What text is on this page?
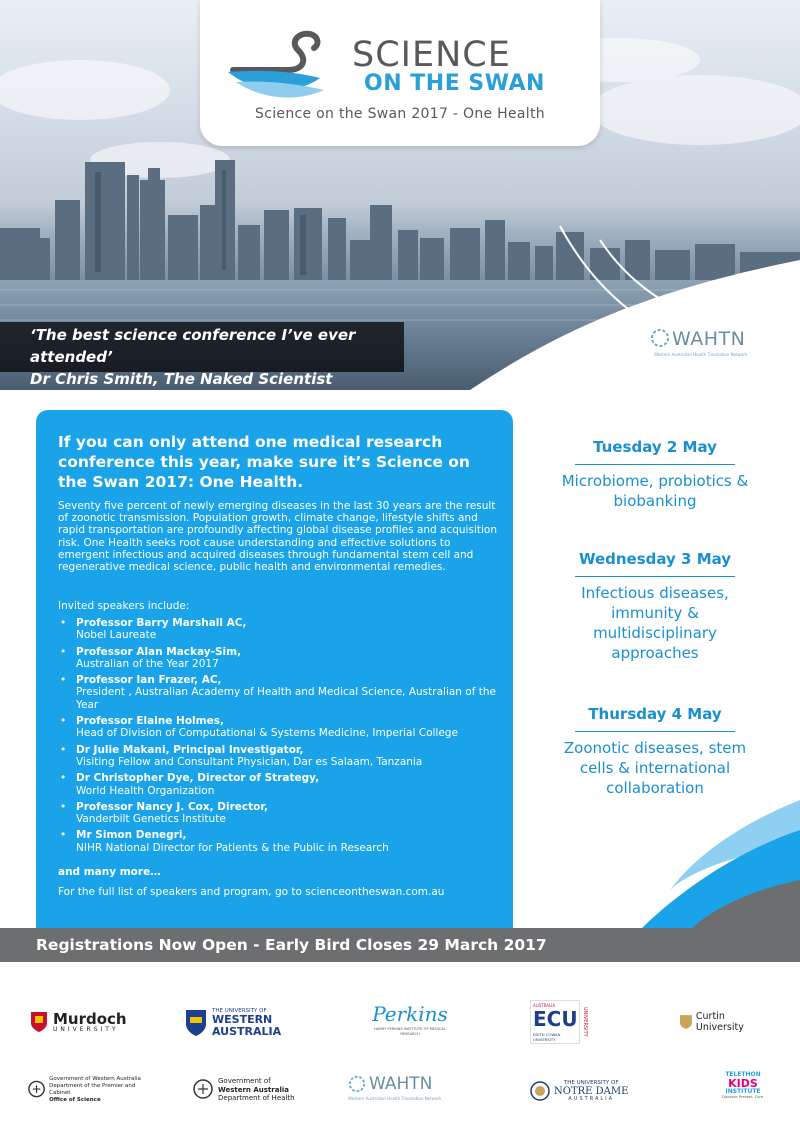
SCIENCE
ON THE SWAN
Science on the Swan 2017 - One Health
‘The best science conference I’ve ever attended’
Dr Chris Smith, The Naked Scientist
WAHTN
Western Australian Health Translation Network
If you can only attend one medical research conference this year, make sure it’s Science on the Swan 2017: One Health.
Seventy five percent of newly emerging diseases in the last 30 years are the result of zoonotic transmission. Population growth, climate change, lifestyle shifts and rapid transportation are profoundly affecting global disease profiles and acquisition risk. One Health seeks root cause understanding and effective solutions to emergent infectious and acquired diseases through fundamental stem cell and regenerative medical science, public health and environmental remedies.
Invited speakers include:
• Professor Barry Marshall AC,
Nobel Laureate
• Professor Alan Mackay-Sim,
Australian of the Year 2017
• Professor Ian Frazer, AC,
President , Australian Academy of Health and Medical Science, Australian of the Year
• Professor Elaine Holmes,
Head of Division of Computational & Systems Medicine, Imperial College
• Dr Julie Makani, Principal Investigator,
Visiting Fellow and Consultant Physician, Dar es Salaam, Tanzania
• Dr Christopher Dye, Director of Strategy,
World Health Organization
• Professor Nancy J. Cox, Director,
Vanderbilt Genetics Institute
• Mr Simon Denegri,
NIHR National Director for Patients & the Public in Research
and many more…
For the full list of speakers and program, go to scienceontheswan.com.au
Tuesday 2 May
Microbiome, probiotics & biobanking
Wednesday 3 May
Infectious diseases, immunity & multidisciplinary approaches
Thursday 4 May
Zoonotic diseases, stem cells & international collaboration
Registrations Now Open - Early Bird Closes 29 March 2017
Murdoch
UNIVERSITY
THE UNIVERSITY OF
WESTERN
AUSTRALIA
Perkins
HARRY PERKINS INSTITUTE OF MEDICAL RESEARCH
AUSTRALIA
ECU
EDITH COWAN UNIVERSITY
UNIVERSITY	Curtin University
Government of Western Australia
Department of the Premier and Cabinet
Office of Science
Government of
Western Australia
Department of Health
WAHTN
Western Australian Health Translation Network
THE UNIVERSITY OF
NOTRE DAME
AUSTRALIA
TELETHON
KIDS
INSTITUTE
Discover. Prevent. Cure.
